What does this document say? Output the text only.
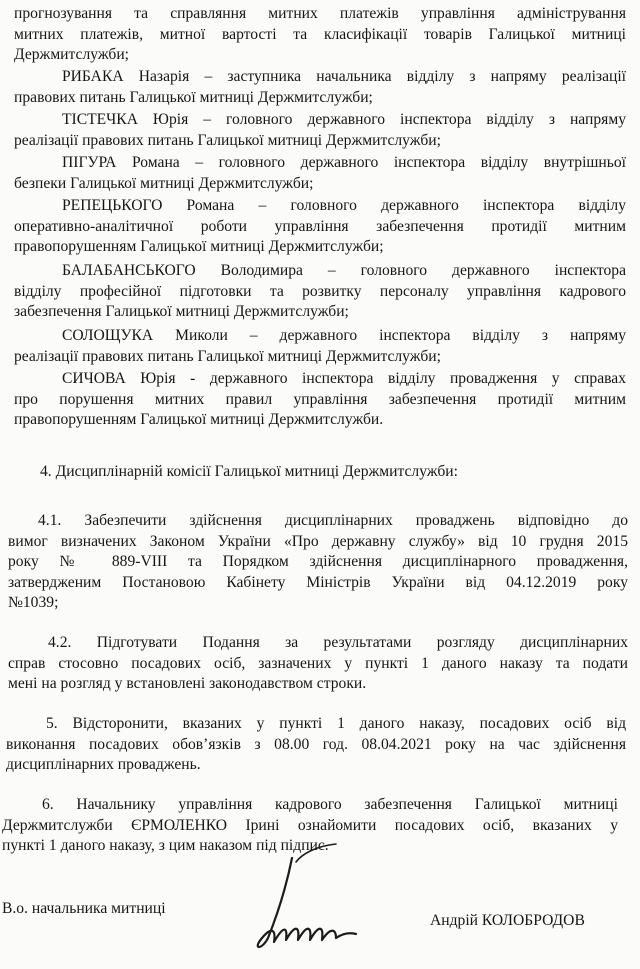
прогнозування та справляння митних платежів управління адміністрування
митних платежів, митної вартості та класифікації товарів Галицької митниці
Держмитслужби;
РИБАКА Назарія – заступника начальника відділу з напряму реалізації
правових питань Галицької митниці Держмитслужби;
ТІСТЕЧКА Юрія – головного державного інспектора відділу з напряму
реалізації правових питань Галицької митниці Держмитслужби;
ПІГУРА Романа – головного державного інспектора відділу внутрішньої
безпеки Галицької митниці Держмитслужби;
РЕПЕЦЬКОГО Романа – головного державного інспектора відділу
оперативно-аналітичної роботи управління забезпечення протидії митним
правопорушенням Галицької митниці Держмитслужби;
БАЛАБАНСЬКОГО Володимира – головного державного інспектора
відділу професійної підготовки та розвитку персоналу управління кадрового
забезпечення Галицької митниці Держмитслужби;
СОЛОЩУКА Миколи – державного інспектора відділу з напряму
реалізації правових питань Галицької митниці Держмитслужби;
СИЧОВА Юрія - державного інспектора відділу провадження у справах
про порушення митних правил управління забезпечення протидії митним
правопорушенням Галицької митниці Держмитслужби.
4. Дисциплінарній комісії Галицької митниці Держмитслужби:
4.1. Забезпечити здійснення дисциплінарних проваджень відповідно до
вимог визначених Законом України «Про державну службу» від 10 грудня 2015
року № 889-VIII та Порядком здійснення дисциплінарного провадження,
затвердженим Постановою Кабінету Міністрів України від 04.12.2019 року
№1039;
4.2. Підготувати Подання за результатами розгляду дисциплінарних
справ стосовно посадових осіб, зазначених у пункті 1 даного наказу та подати
мені на розгляд у встановлені законодавством строки.
5. Відсторонити, вказаних у пункті 1 даного наказу, посадових осіб від
виконання посадових обов’язків з 08.00 год. 08.04.2021 року на час здійснення
дисциплінарних проваджень.
6. Начальнику управління кадрового забезпечення Галицької митниці
Держмитслужби ЄРМОЛЕНКО Ірині ознайомити посадових осіб, вказаних у
пункті 1 даного наказу, з цим наказом під підпис.
В.о. начальника митниці
Андрій КОЛОБРОДОВ
